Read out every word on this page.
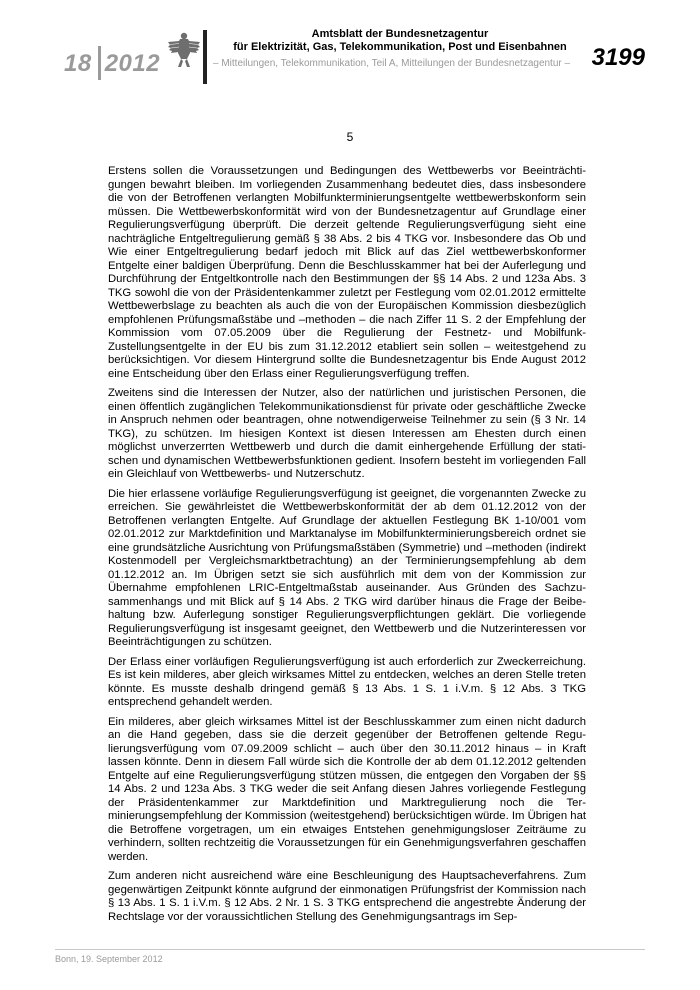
18 2012
Amtsblatt der Bundesnetzagentur
für Elektrizität, Gas, Telekommunikation, Post und Eisenbahnen
– Mitteilungen, Telekommunikation, Teil A, Mitteilungen der Bundesnetzagentur – 3199
5

Erstens sollen die Voraussetzungen und Bedingungen des Wettbewerbs vor Beeinträchtigungen bewahrt bleiben. Im vorliegenden Zusammenhang bedeutet dies, dass insbesondere die von der Betroffenen verlangten Mobilfunkterminierungsentgelte wettbewerbskonform sein müssen. Die Wettbewerbskonformität wird von der Bundesnetzagentur auf Grundlage einer Regulierungsverfügung überprüft. Die derzeit geltende Regulierungsverfügung sieht eine nachträgliche Entgeltregulierung gemäß § 38 Abs. 2 bis 4 TKG vor. Insbesondere das Ob und Wie einer Entgeltregulierung bedarf jedoch mit Blick auf das Ziel wettbewerbskonformer Entgelte einer baldigen Überprüfung. Denn die Beschlusskammer hat bei der Auferlegung und Durchführung der Entgeltkontrolle nach den Bestimmungen der §§ 14 Abs. 2 und 123a Abs. 3 TKG sowohl die von der Präsidentenkammer zuletzt per Festlegung vom 02.01.2012 ermittelte Wettbewerbslage zu beachten als auch die von der Europäischen Kommission diesbezüglich empfohlenen Prüfungsmaßstäbe und –methoden – die nach Ziffer 11 S. 2 der Empfehlung der Kommission vom 07.05.2009 über die Regulierung der Festnetz- und Mobilfunk-Zustellungsentgelte in der EU bis zum 31.12.2012 etabliert sein sollen – weitestgehend zu berücksichtigen. Vor diesem Hintergrund sollte die Bundesnetzagentur bis Ende August 2012 eine Entscheidung über den Erlass einer Regulierungsverfügung treffen.

Zweitens sind die Interessen der Nutzer, also der natürlichen und juristischen Personen, die einen öffentlich zugänglichen Telekommunikationsdienst für private oder geschäftliche Zwecke in Anspruch nehmen oder beantragen, ohne notwendigerweise Teilnehmer zu sein (§ 3 Nr. 14 TKG), zu schützen. Im hiesigen Kontext ist diesen Interessen am Ehesten durch einen möglichst unverzerrten Wettbewerb und durch die damit einhergehende Erfüllung der statischen und dynamischen Wettbewerbsfunktionen gedient. Insofern besteht im vorliegenden Fall ein Gleichlauf von Wettbewerbs- und Nutzerschutz.

Die hier erlassene vorläufige Regulierungsverfügung ist geeignet, die vorgenannten Zwecke zu erreichen. Sie gewährleistet die Wettbewerbskonformität der ab dem 01.12.2012 von der Betroffenen verlangten Entgelte. Auf Grundlage der aktuellen Festlegung BK 1-10/001 vom 02.01.2012 zur Marktdefinition und Marktanalyse im Mobilfunkterminierungsbereich ordnet sie eine grundsätzliche Ausrichtung von Prüfungsmaßstäben (Symmetrie) und –methoden (indirekt Kostenmodell per Vergleichsmarktbetrachtung) an der Terminierungsempfehlung ab dem 01.12.2012 an. Im Übrigen setzt sie sich ausführlich mit dem von der Kommission zur Übernahme empfohlenen LRIC-Entgeltmaßstab auseinander. Aus Gründen des Sachzusammenhangs und mit Blick auf § 14 Abs. 2 TKG wird darüber hinaus die Frage der Beibehaltung bzw. Auferlegung sonstiger Regulierungsverpflichtungen geklärt. Die vorliegende Regulierungsverfügung ist insgesamt geeignet, den Wettbewerb und die Nutzerinteressen vor Beeinträchtigungen zu schützen.

Der Erlass einer vorläufigen Regulierungsverfügung ist auch erforderlich zur Zweckerreichung. Es ist kein milderes, aber gleich wirksames Mittel zu entdecken, welches an deren Stelle treten könnte. Es musste deshalb dringend gemäß § 13 Abs. 1 S. 1 i.V.m. § 12 Abs. 3 TKG entsprechend gehandelt werden.

Ein milderes, aber gleich wirksames Mittel ist der Beschlusskammer zum einen nicht dadurch an die Hand gegeben, dass sie die derzeit gegenüber der Betroffenen geltende Regulierungsverfügung vom 07.09.2009 schlicht – auch über den 30.11.2012 hinaus – in Kraft lassen könnte. Denn in diesem Fall würde sich die Kontrolle der ab dem 01.12.2012 geltenden Entgelte auf eine Regulierungsverfügung stützen müssen, die entgegen den Vorgaben der §§ 14 Abs. 2 und 123a Abs. 3 TKG weder die seit Anfang diesen Jahres vorliegende Festlegung der Präsidentenkammer zur Marktdefinition und Marktregulierung noch die Terminierungsempfehlung der Kommission (weitestgehend) berücksichtigen würde. Im Übrigen hat die Betroffene vorgetragen, um ein etwaiges Entstehen genehmigungsloser Zeiträume zu verhindern, sollten rechtzeitig die Voraussetzungen für ein Genehmigungsverfahren geschaffen werden.

Zum anderen nicht ausreichend wäre eine Beschleunigung des Hauptsacheverfahrens. Zum gegenwärtigen Zeitpunkt könnte aufgrund der einmonatigen Prüfungsfrist der Kommission nach § 13 Abs. 1 S. 1 i.V.m. § 12 Abs. 2 Nr. 1 S. 3 TKG entsprechend die angestrebte Änderung der Rechtslage vor der voraussichtlichen Stellung des Genehmigungsantrags im Sep-

Bonn, 19. September 2012
